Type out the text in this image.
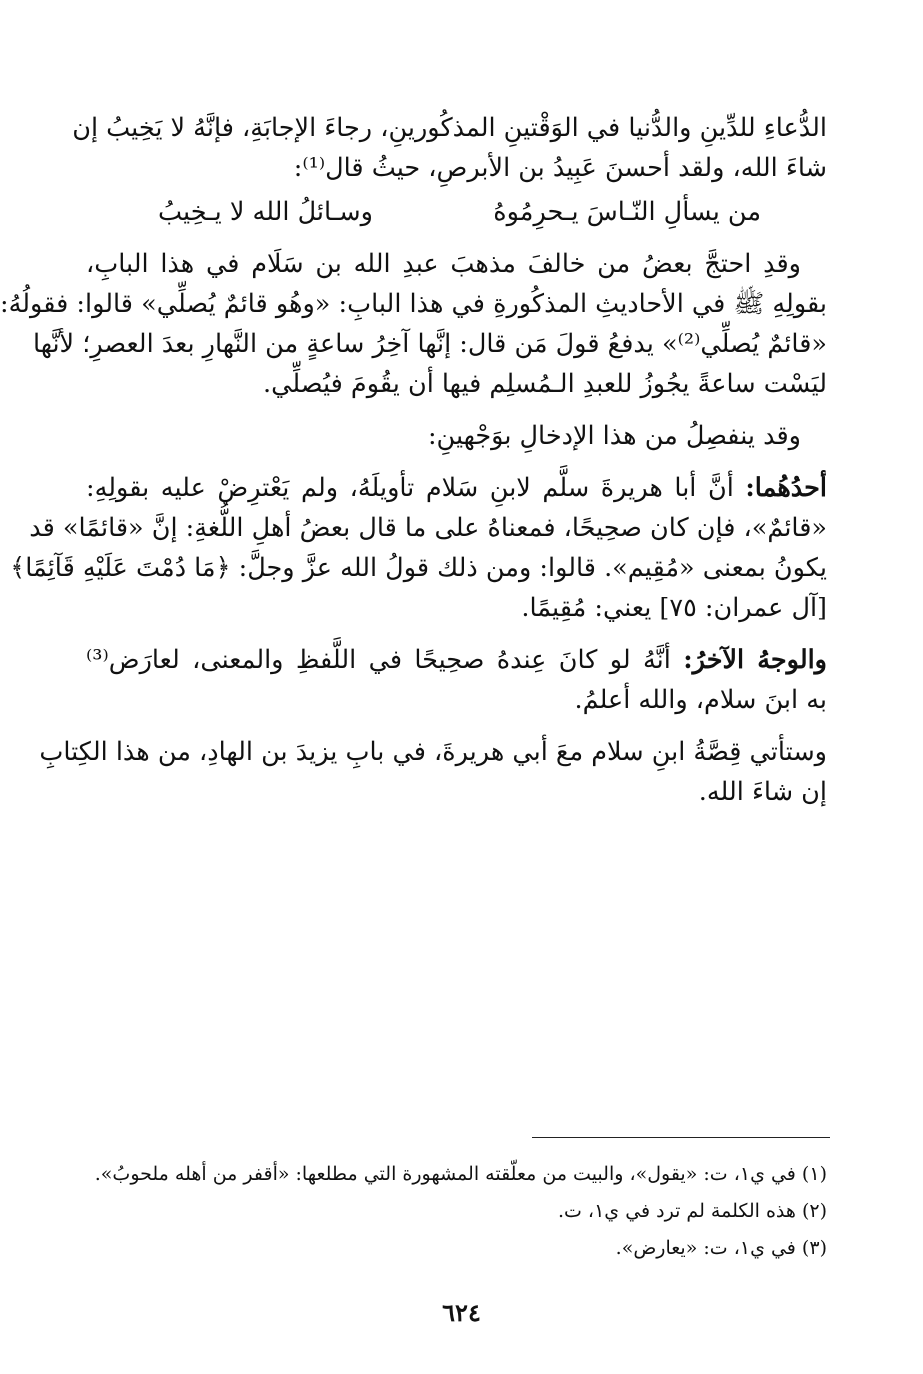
الدُّعاءِ للدِّينِ والدُّنيا في الوَقْتينِ المذكُورينِ، رجاءَ الإجابَةِ، فإنَّهُ لا يَخِيبُ إن
شاءَ الله، ولقد أحسنَ عَبِيدُ بن الأبرصِ، حيثُ قال⁽¹⁾:
من يسألِ النّـاسَ يـحرِمُوهُ
وسـائلُ الله لا يـخِيبُ
وقدِ احتجَّ بعضُ من خالفَ مذهبَ عبدِ الله بن سَلَام في هذا البابِ،
بقولِهِ ﷺ في الأحاديثِ المذكُورةِ في هذا البابِ: «وهُو قائمٌ يُصلِّي» قالوا: فقولُهُ:
«قائمٌ يُصلِّي⁽²⁾» يدفعُ قولَ مَن قال: إنَّها آخِرُ ساعةٍ من النَّهارِ بعدَ العصرِ؛ لأنَّها
ليَسْت ساعةً يجُوزُ للعبدِ الـمُسلِم فيها أن يقُومَ فيُصلِّي.
وقد ينفصِلُ من هذا الإدخالِ بوَجْهينِ:
أحدُهُما: أنَّ أبا هريرةَ سلَّم لابنِ سَلام تأويلَهُ، ولم يَعْترِضْ عليه بقولِهِ:
«قائمٌ»، فإن كان صحِيحًا، فمعناهُ على ما قال بعضُ أهلِ اللُّغةِ: إنَّ «قائمًا» قد
يكونُ بمعنى «مُقِيم». قالوا: ومن ذلك قولُ الله عزَّ وجلَّ: ﴿مَا دُمْتَ عَلَيْهِ قَآئِمًا﴾
[آل عمران: ٧٥] يعني: مُقِيمًا.
والوجهُ الآخرُ: أنَّهُ لو كانَ عِندهُ صحِيحًا في اللَّفظِ والمعنى، لعارَض⁽³⁾
به ابنَ سلام، والله أعلمُ.
وستأتي قِصَّةُ ابنِ سلام معَ أبي هريرةَ، في بابِ يزيدَ بن الهادِ، من هذا الكِتابِ
إن شاءَ الله.
(١) في ي١، ت: «يقول»، والبيت من معلّقته المشهورة التي مطلعها: «أقفر من أهله ملحوبُ».
(٢) هذه الكلمة لم ترد في ي١، ت.
(٣) في ي١، ت: «يعارض».
٦٢٤
